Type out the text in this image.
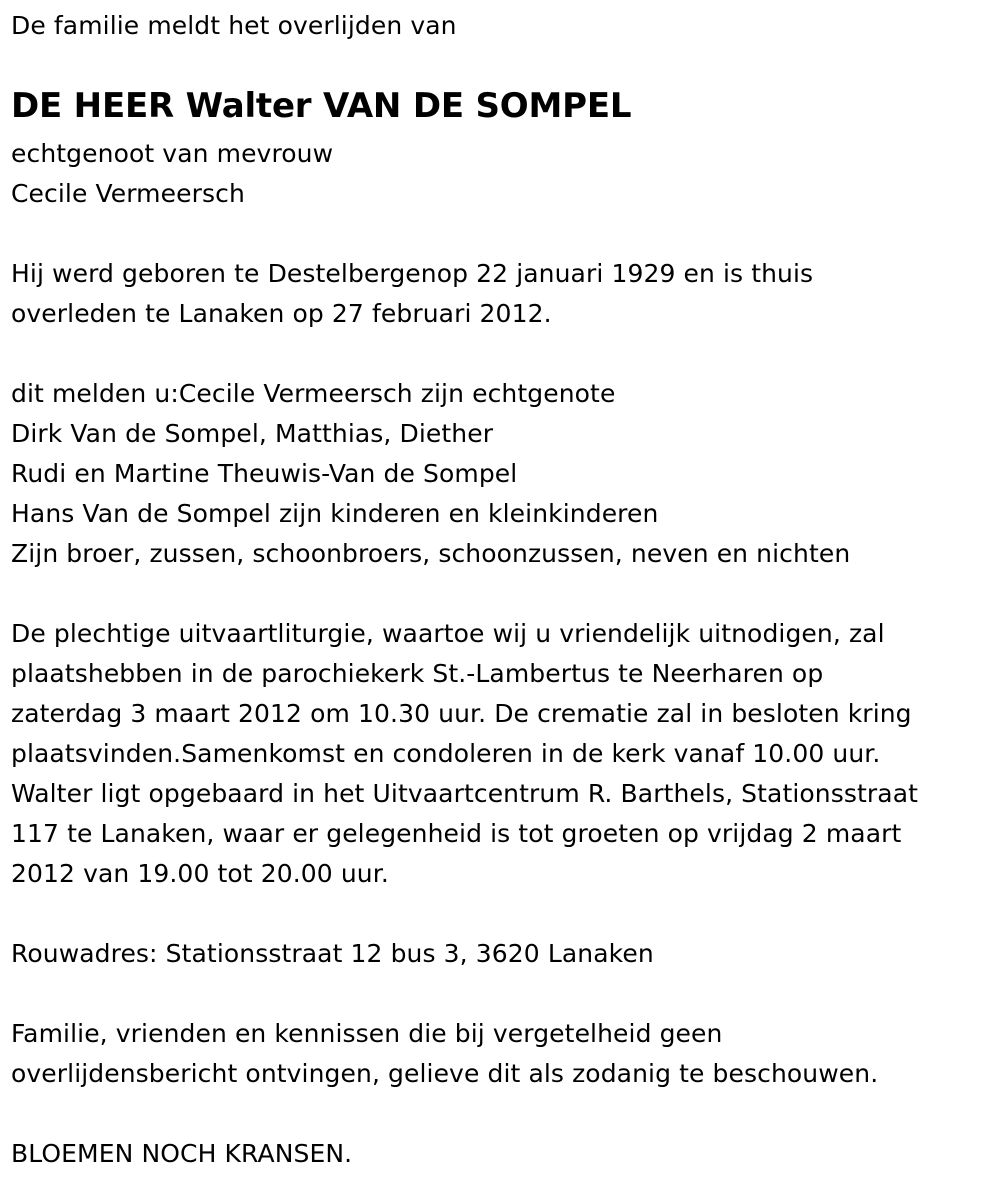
De familie meldt het overlijden van
DE HEER Walter VAN DE SOMPEL
echtgenoot van mevrouw
Cecile Vermeersch
Hij werd geboren te Destelbergenop 22 januari 1929 en is thuis
overleden te Lanaken op 27 februari 2012.
dit melden u:Cecile Vermeersch zijn echtgenote
Dirk Van de Sompel, Matthias, Diether
Rudi en Martine Theuwis-Van de Sompel
Hans Van de Sompel zijn kinderen en kleinkinderen
Zijn broer, zussen, schoonbroers, schoonzussen, neven en nichten
De plechtige uitvaartliturgie, waartoe wij u vriendelijk uitnodigen, zal
plaatshebben in de parochiekerk St.-Lambertus te Neerharen op
zaterdag 3 maart 2012 om 10.30 uur. De crematie zal in besloten kring
plaatsvinden.Samenkomst en condoleren in de kerk vanaf 10.00 uur.
Walter ligt opgebaard in het Uitvaartcentrum R. Barthels, Stationsstraat
117 te Lanaken, waar er gelegenheid is tot groeten op vrijdag 2 maart
2012 van 19.00 tot 20.00 uur.
Rouwadres: Stationsstraat 12 bus 3, 3620 Lanaken
Familie, vrienden en kennissen die bij vergetelheid geen
overlijdensbericht ontvingen, gelieve dit als zodanig te beschouwen.
BLOEMEN NOCH KRANSEN.
